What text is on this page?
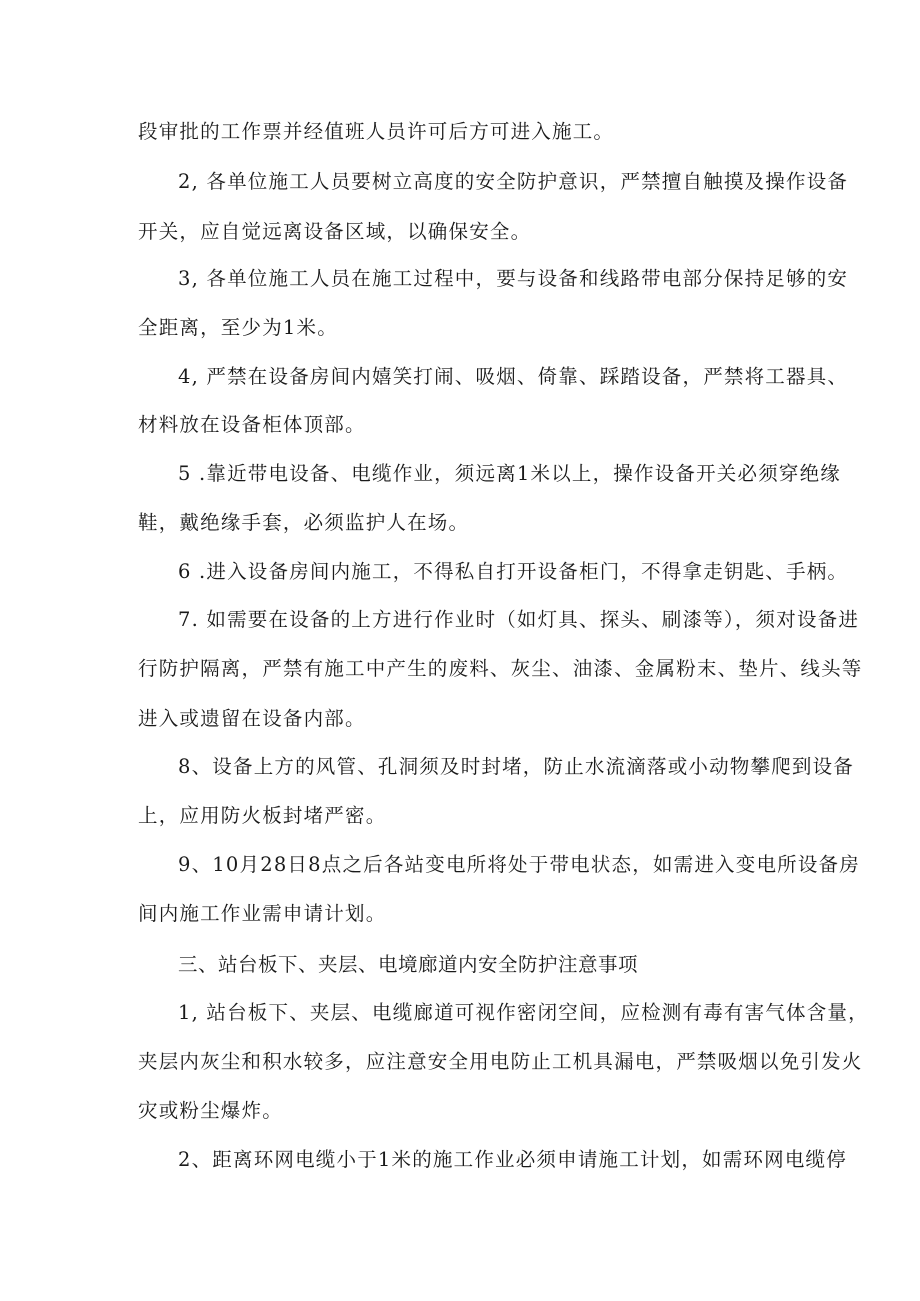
段审批的工作票并经值班人员许可后方可进入施工。
2, 各单位施工人员要树立高度的安全防护意识，严禁擅自触摸及操作设备
开关，应自觉远离设备区域，以确保安全。
3, 各单位施工人员在施工过程中，要与设备和线路带电部分保持足够的安
全距离，至少为1米。
4, 严禁在设备房间内嬉笑打闹、吸烟、倚靠、踩踏设备，严禁将工器具、
材料放在设备柜体顶部。
5 .靠近带电设备、电缆作业，须远离1米以上，操作设备开关必须穿绝缘
鞋，戴绝缘手套，必须监护人在场。
6 .进入设备房间内施工，不得私自打开设备柜门，不得拿走钥匙、手柄。
7. 如需要在设备的上方进行作业时（如灯具、探头、刷漆等），须对设备进
行防护隔离，严禁有施工中产生的废料、灰尘、油漆、金属粉末、垫片、线头等
进入或遗留在设备内部。
8、设备上方的风管、孔洞须及时封堵，防止水流滴落或小动物攀爬到设备
上，应用防火板封堵严密。
9、10月28日8点之后各站变电所将处于带电状态，如需进入变电所设备房
间内施工作业需申请计划。
三、站台板下、夹层、电境廊道内安全防护注意事项
1, 站台板下、夹层、电缆廊道可视作密闭空间，应检测有毒有害气体含量，
夹层内灰尘和积水较多，应注意安全用电防止工机具漏电，严禁吸烟以免引发火
灾或粉尘爆炸。
2、距离环网电缆小于1米的施工作业必须申请施工计划，如需环网电缆停
